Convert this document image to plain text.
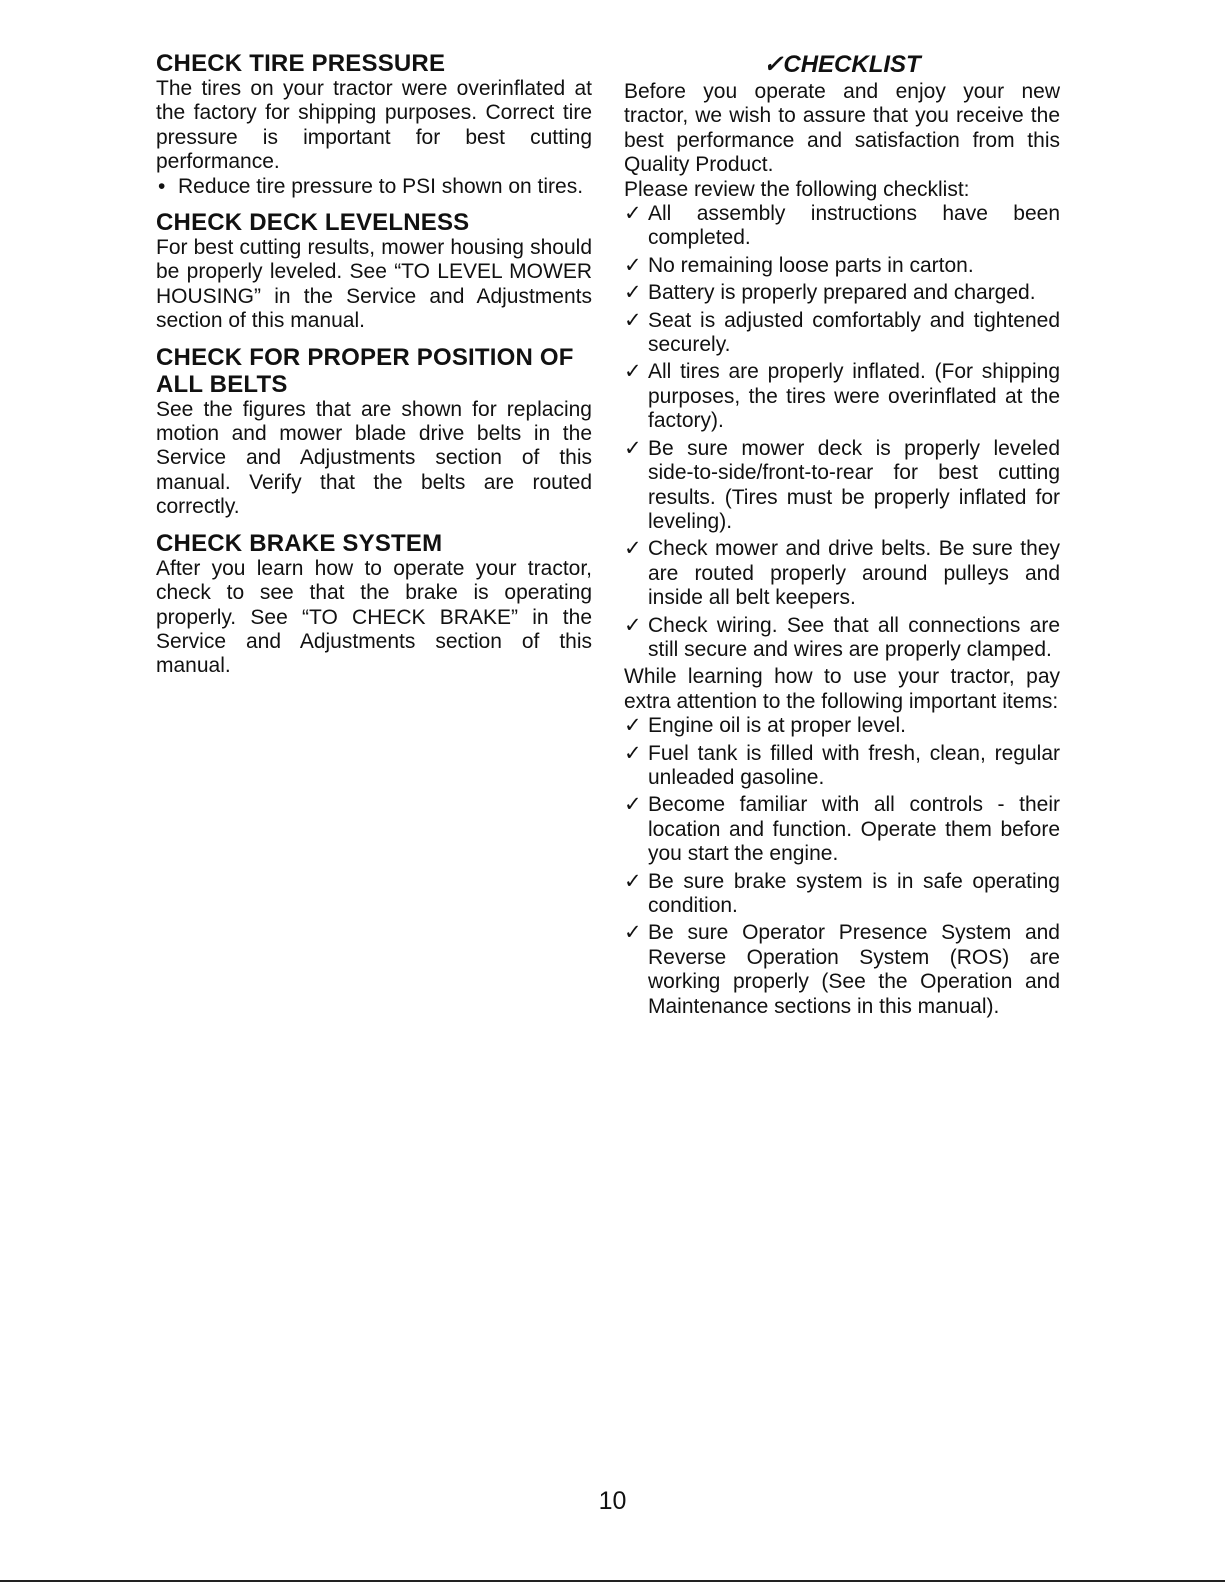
CHECK TIRE PRESSURE

The tires on your tractor were overinflated at the factory for shipping purposes. Correct tire pressure is important for best cutting performance.

• Reduce tire pressure to PSI shown on tires.
CHECK DECK LEVELNESS

For best cutting results, mower housing should be properly leveled. See “TO LEVEL MOWER HOUSING” in the Service and Adjustments section of this manual.

CHECK FOR PROPER POSITION OF ALL BELTS

See the figures that are shown for replacing motion and mower blade drive belts in the Service and Adjustments section of this manual. Verify that the belts are routed correctly.

CHECK BRAKE SYSTEM

After you learn how to operate your tractor, check to see that the brake is operating properly. See “TO CHECK BRAKE” in the Service and Adjustments section of this manual.

✓CHECKLIST

Before you operate and enjoy your new tractor, we wish to assure that you receive the best performance and satisfaction from this Quality Product.

Please review the following checklist:

✓ All assembly instructions have been completed.
✓ No remaining loose parts in carton.
✓ Battery is properly prepared and charged.
✓ Seat is adjusted comfortably and tightened securely.
✓ All tires are properly inflated. (For shipping purposes, the tires were overinflated at the factory).
✓ Be sure mower deck is properly leveled side-to-side/front-to-rear for best cutting results. (Tires must be properly inflated for leveling).
✓ Check mower and drive belts. Be sure they are routed properly around pulleys and inside all belt keepers.
✓ Check wiring. See that all connections are still secure and wires are properly clamped.

While learning how to use your tractor, pay extra attention to the following important items:

✓ Engine oil is at proper level.
✓ Fuel tank is filled with fresh, clean, regular unleaded gasoline.
✓ Become familiar with all controls - their location and function. Operate them before you start the engine.
✓ Be sure brake system is in safe operating condition.
✓ Be sure Operator Presence System and Reverse Operation System (ROS) are working properly (See the Operation and Maintenance sections in this manual).
10
